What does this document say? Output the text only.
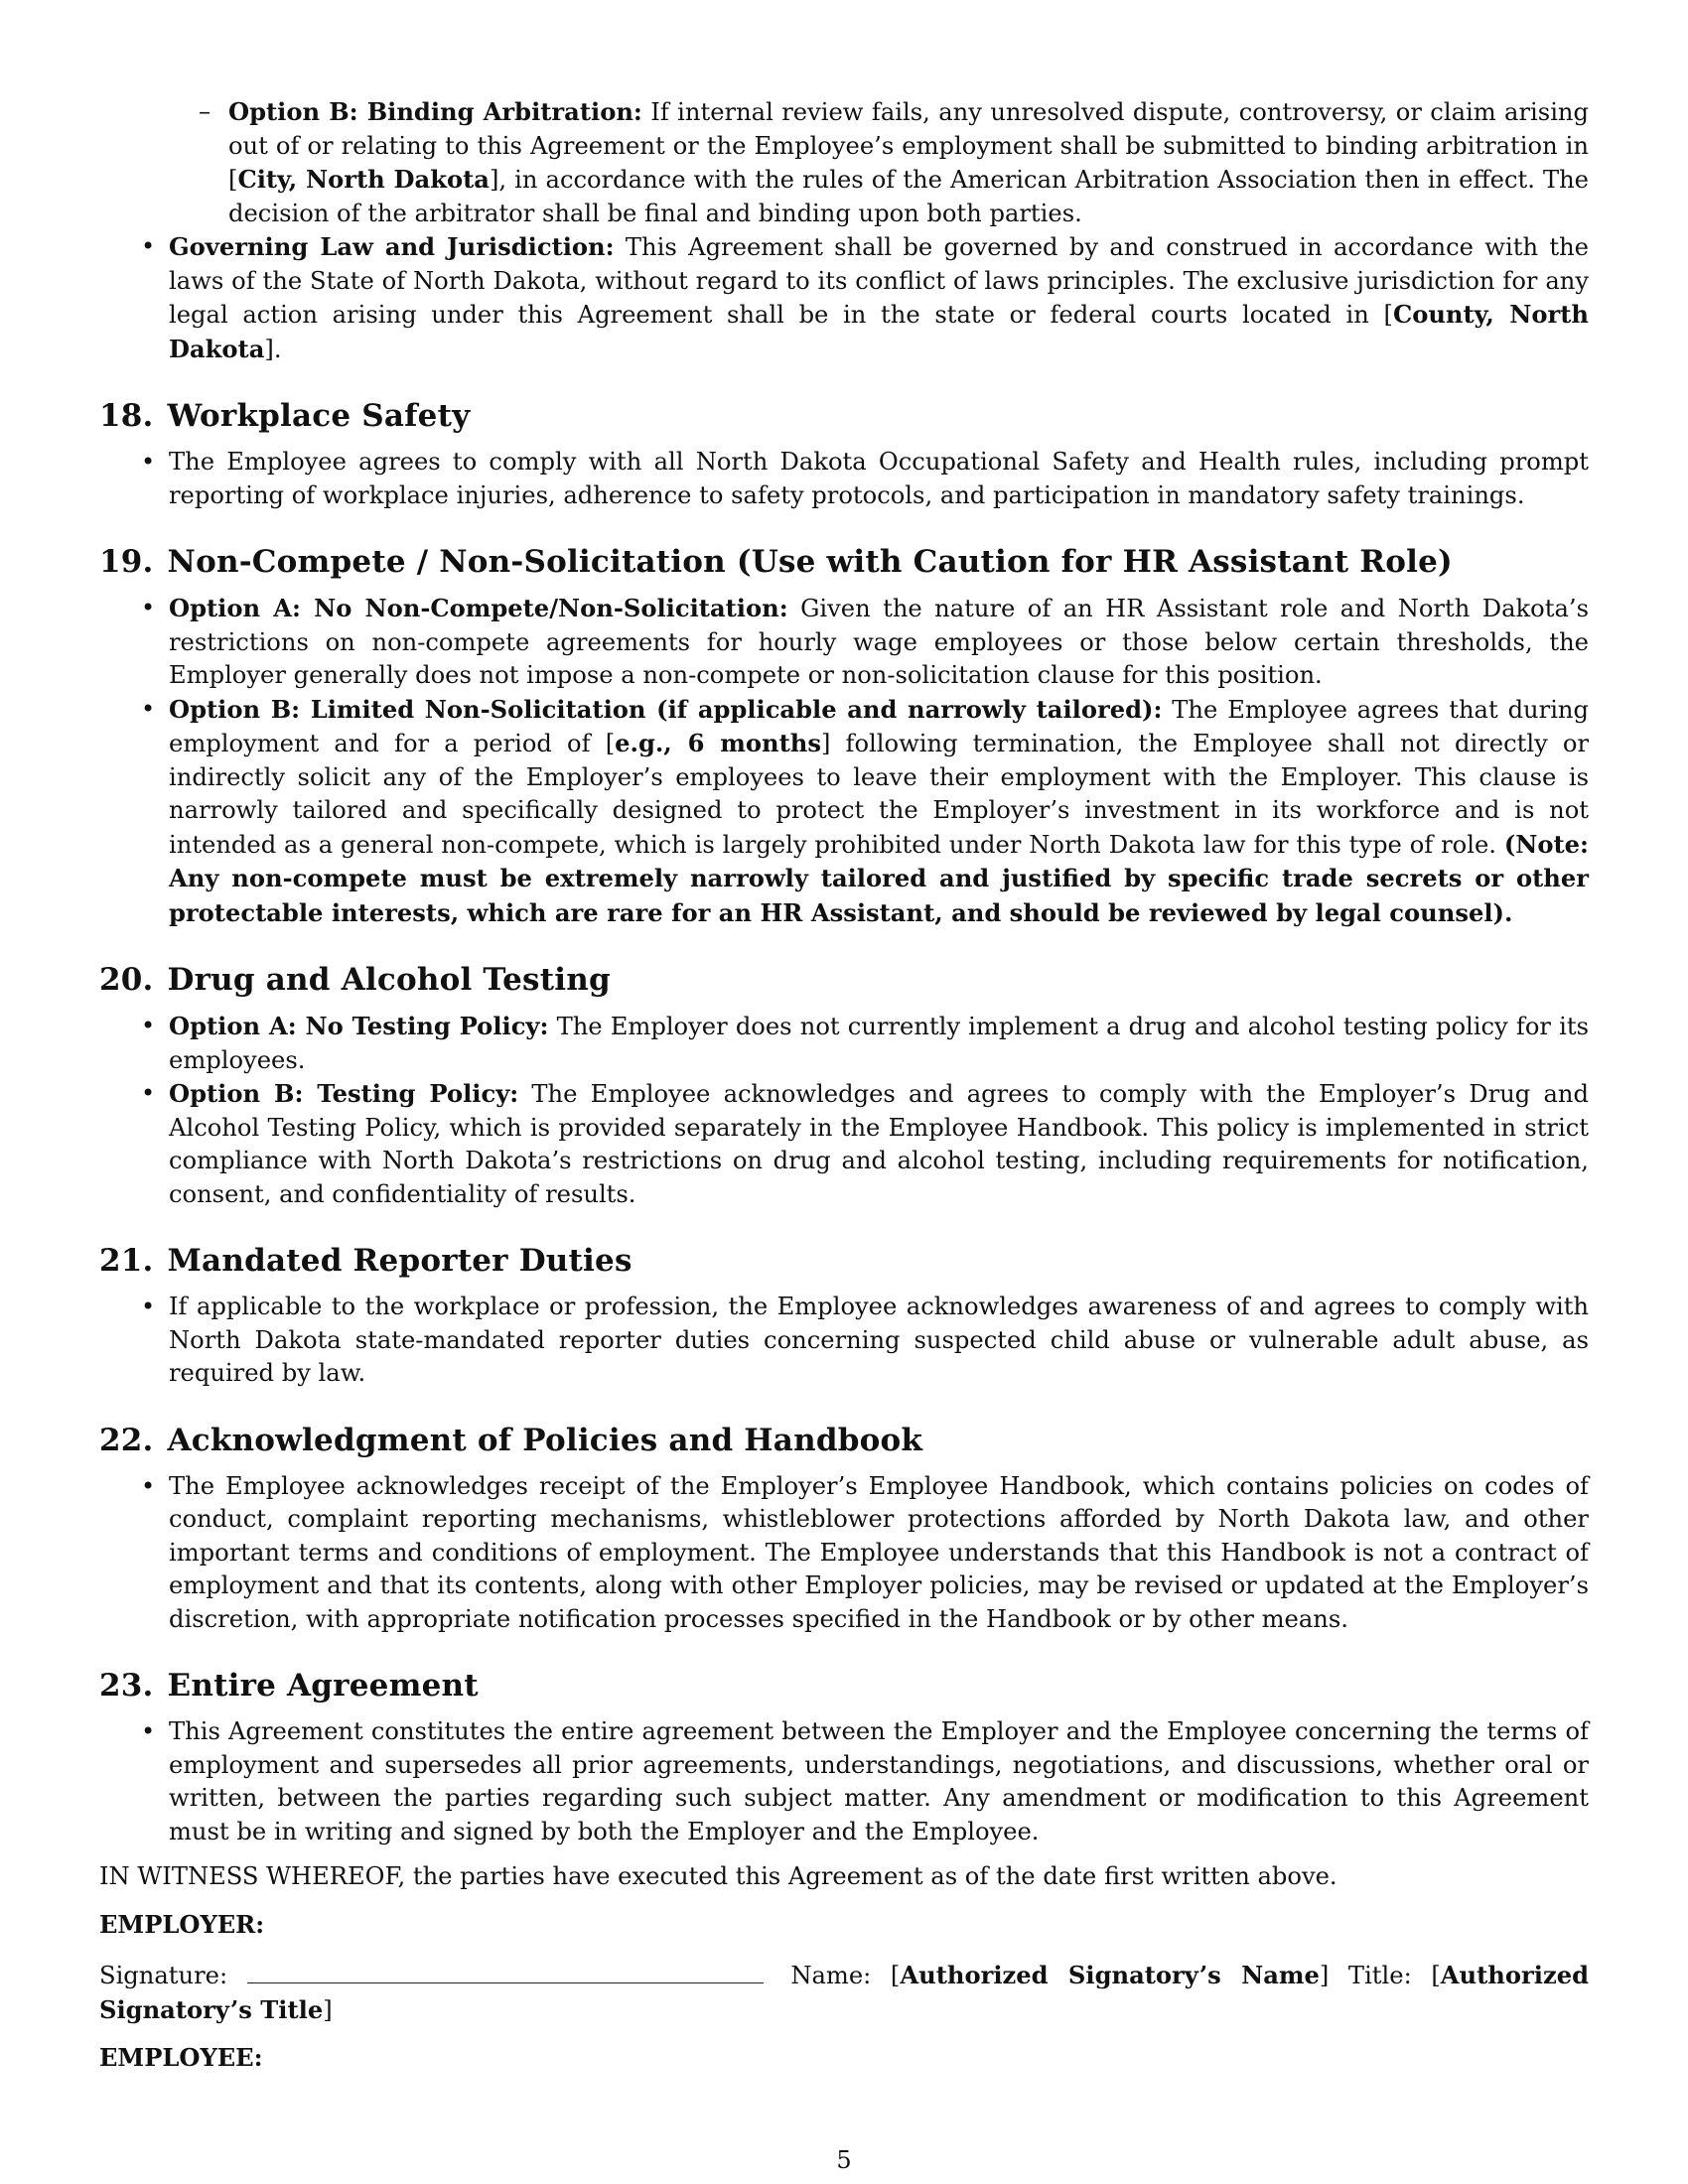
– Option B: Binding Arbitration: If internal review fails, any unresolved dispute, controversy, or claim arising out of or relating to this Agreement or the Employee’s employment shall be submitted to binding arbitration in [City, North Dakota], in accordance with the rules of the American Arbitration Association then in effect. The decision of the arbitrator shall be final and binding upon both parties.
• Governing Law and Jurisdiction: This Agreement shall be governed by and construed in accordance with the laws of the State of North Dakota, without regard to its conflict of laws principles. The exclusive jurisdiction for any legal action arising under this Agreement shall be in the state or federal courts located in [County, North Dakota].
18. Workplace Safety
• The Employee agrees to comply with all North Dakota Occupational Safety and Health rules, including prompt reporting of workplace injuries, adherence to safety protocols, and participation in mandatory safety trainings.
19. Non-Compete / Non-Solicitation (Use with Caution for HR Assistant Role)
• Option A: No Non-Compete/Non-Solicitation: Given the nature of an HR Assistant role and North Dakota’s restrictions on non-compete agreements for hourly wage employees or those below certain thresholds, the Employer generally does not impose a non-compete or non-solicitation clause for this position.
• Option B: Limited Non-Solicitation (if applicable and narrowly tailored): The Employee agrees that during employment and for a period of [e.g., 6 months] following termination, the Employee shall not directly or indirectly solicit any of the Employer’s employees to leave their employment with the Employer. This clause is narrowly tailored and specifically designed to protect the Employer’s investment in its workforce and is not intended as a general non-compete, which is largely prohibited under North Dakota law for this type of role. (Note: Any non-compete must be extremely narrowly tailored and justified by specific trade secrets or other protectable interests, which are rare for an HR Assistant, and should be reviewed by legal counsel).
20. Drug and Alcohol Testing
• Option A: No Testing Policy: The Employer does not currently implement a drug and alcohol testing policy for its employees.
• Option B: Testing Policy: The Employee acknowledges and agrees to comply with the Employer’s Drug and Alcohol Testing Policy, which is provided separately in the Employee Handbook. This policy is implemented in strict compliance with North Dakota’s restrictions on drug and alcohol testing, including requirements for notification, consent, and confidentiality of results.
21. Mandated Reporter Duties
• If applicable to the workplace or profession, the Employee acknowledges awareness of and agrees to comply with North Dakota state-mandated reporter duties concerning suspected child abuse or vulnerable adult abuse, as required by law.
22. Acknowledgment of Policies and Handbook
• The Employee acknowledges receipt of the Employer’s Employee Handbook, which contains policies on codes of conduct, complaint reporting mechanisms, whistleblower protections afforded by North Dakota law, and other important terms and conditions of employment. The Employee understands that this Handbook is not a contract of employment and that its contents, along with other Employer policies, may be revised or updated at the Employer’s discretion, with appropriate notification processes specified in the Handbook or by other means.
23. Entire Agreement
• This Agreement constitutes the entire agreement between the Employer and the Employee concerning the terms of employment and supersedes all prior agreements, understandings, negotiations, and discussions, whether oral or written, between the parties regarding such subject matter. Any amendment or modification to this Agreement must be in writing and signed by both the Employer and the Employee.

IN WITNESS WHEREOF, the parties have executed this Agreement as of the date first written above.

EMPLOYER:

Signature:	Name: [Authorized Signatory’s Name] Title: [Authorized Signatory’s Title]

EMPLOYEE:

5
